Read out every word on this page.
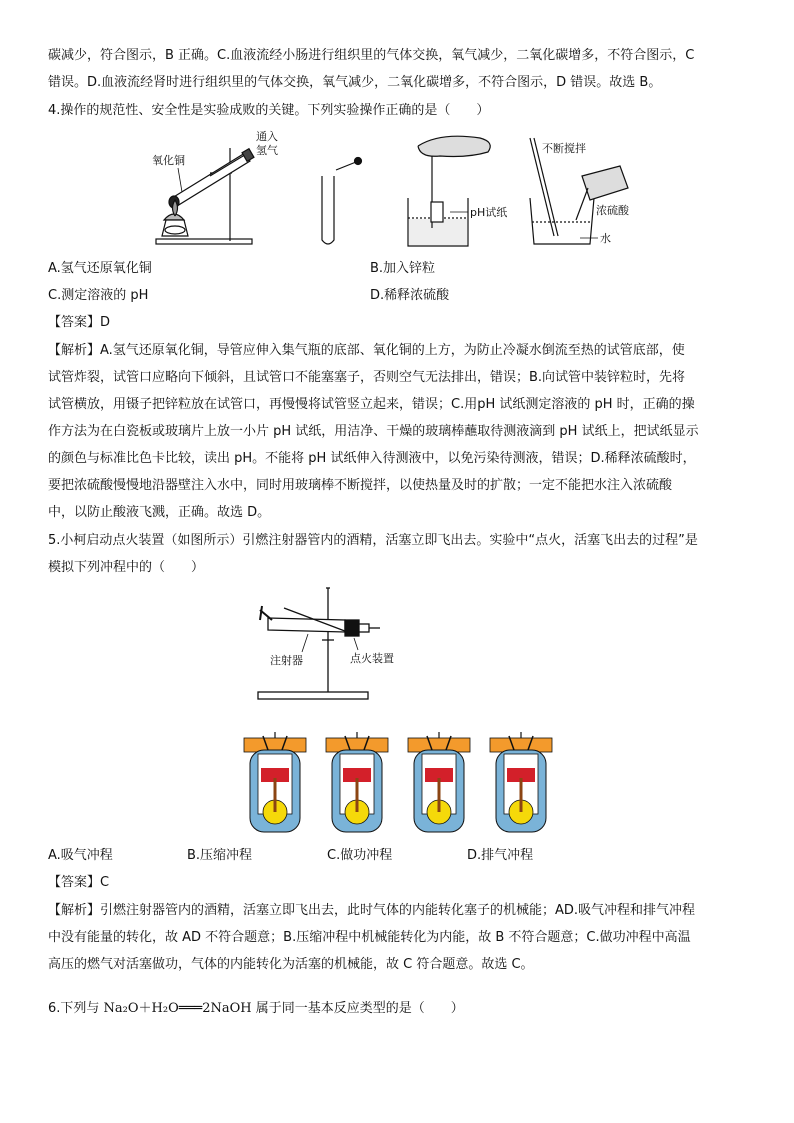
碳减少，符合图示，B 正确。C.血液流经小肠进行组织里的气体交换，氧气减少，二氧化碳增多，不符合图示，C
错误。D.血液流经肾时进行组织里的气体交换，氧气减少，二氧化碳增多，不符合图示，D 错误。故选 B。
4.操作的规范性、安全性是实验成败的关键。下列实验操作正确的是（　　）
氧化铜
通入
氢气
pH试纸
不断搅拌
浓硫酸
水
A.氢气还原氧化铜	B.加入锌粒
C.测定溶液的 pH	D.稀释浓硫酸
【答案】D
【解析】A.氢气还原氧化铜，导管应伸入集气瓶的底部、氧化铜的上方，为防止冷凝水倒流至热的试管底部，使
试管炸裂，试管口应略向下倾斜，且试管口不能塞塞子，否则空气无法排出，错误；B.向试管中装锌粒时，先将
试管横放，用镊子把锌粒放在试管口，再慢慢将试管竖立起来，错误；C.用pH 试纸测定溶液的 pH 时，正确的操
作方法为在白瓷板或玻璃片上放一小片 pH 试纸，用洁净、干燥的玻璃棒蘸取待测液滴到 pH 试纸上，把试纸显示
的颜色与标准比色卡比较，读出 pH。不能将 pH 试纸伸入待测液中，以免污染待测液，错误；D.稀释浓硫酸时，
要把浓硫酸慢慢地沿器壁注入水中，同时用玻璃棒不断搅拌，以使热量及时的扩散；一定不能把水注入浓硫酸
中，以防止酸液飞溅，正确。故选 D。
5.小柯启动点火装置（如图所示）引燃注射器管内的酒精，活塞立即飞出去。实验中“点火，活塞飞出去的过程”是
模拟下列冲程中的（　　）
注射器	点火装置
A.吸气冲程	B.压缩冲程	C.做功冲程	D.排气冲程
【答案】C
【解析】引燃注射器管内的酒精，活塞立即飞出去，此时气体的内能转化塞子的机械能；AD.吸气冲程和排气冲程
中没有能量的转化，故 AD 不符合题意；B.压缩冲程中机械能转化为内能，故 B 不符合题意；C.做功冲程中高温
高压的燃气对活塞做功，气体的内能转化为活塞的机械能，故 C 符合题意。故选 C。
6.下列与 Na₂O＋H₂O═══2NaOH 属于同一基本反应类型的是（　　）
